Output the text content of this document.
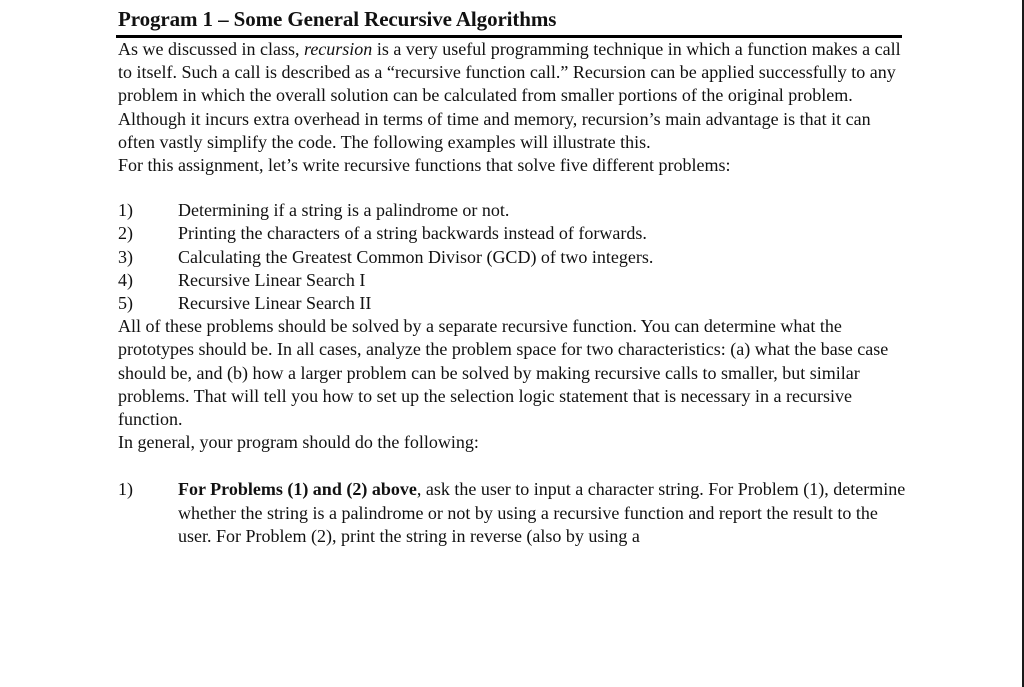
Program 1 – Some General Recursive Algorithms

As we discussed in class, recursion is a very useful programming technique in which a function makes a call to itself. Such a call is described as a “recursive function call.” Recursion can be applied successfully to any problem in which the overall solution can be calculated from smaller portions of the original problem. Although it incurs extra overhead in terms of time and memory, recursion’s main advantage is that it can often vastly simplify the code. The following examples will illustrate this.

For this assignment, let’s write recursive functions that solve five different problems:

1)	Determining if a string is a palindrome or not.
2)	Printing the characters of a string backwards instead of forwards.
3)	Calculating the Greatest Common Divisor (GCD) of two integers.
4)	Recursive Linear Search I
5)	Recursive Linear Search II

All of these problems should be solved by a separate recursive function. You can determine what the prototypes should be. In all cases, analyze the problem space for two characteristics: (a) what the base case should be, and (b) how a larger problem can be solved by making recursive calls to smaller, but similar problems. That will tell you how to set up the selection logic statement that is necessary in a recursive function.

In general, your program should do the following:

1)	For Problems (1) and (2) above, ask the user to input a character string. For Problem (1), determine whether the string is a palindrome or not by using a recursive function and report the result to the user. For Problem (2), print the string in reverse (also by using a
